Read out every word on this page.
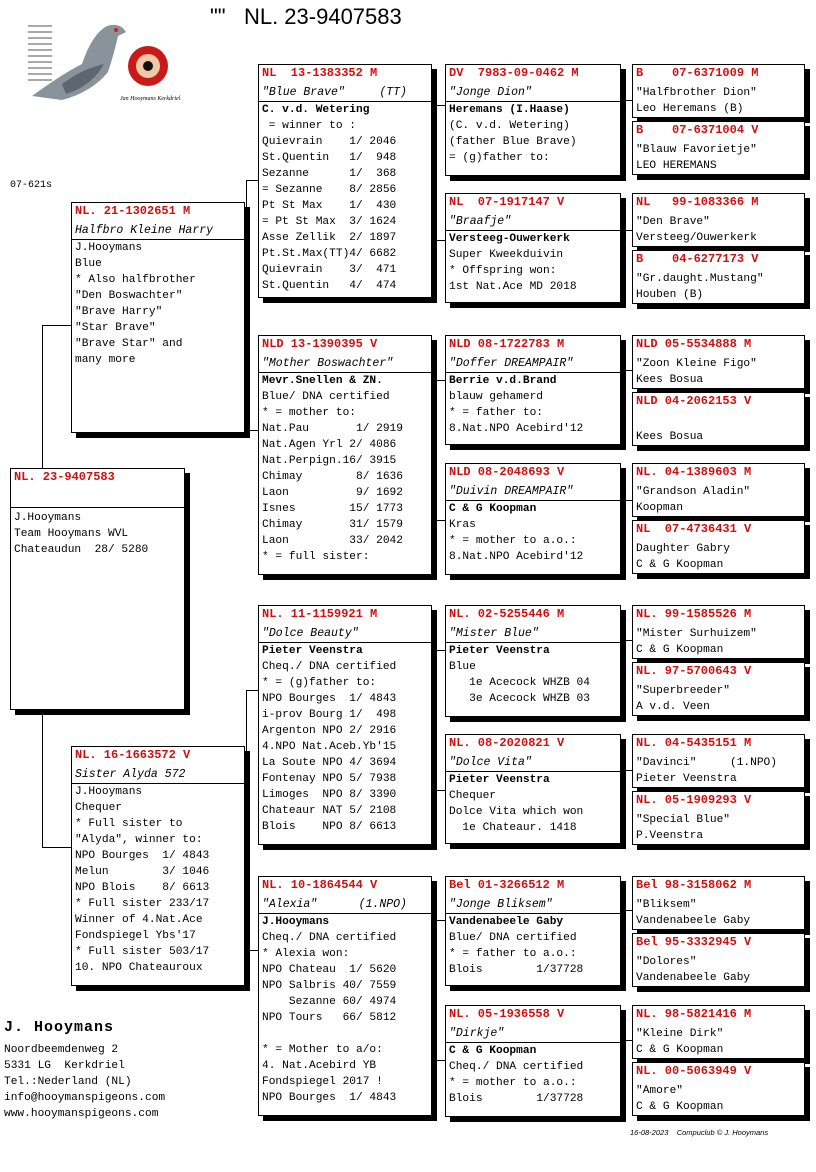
""   NL. 23-9407583
07-621s
Jan Hooymans Kerkdriel
NL. 23-9407583
J.Hooymans
Team Hooymans WVL
Chateaudun  28/ 5280
NL. 21-1302651 M
Halfbro Kleine Harry
J.Hooymans
Blue
* Also halfbrother
"Den Boswachter"
"Brave Harry"
"Star Brave"
"Brave Star" and
many more
NL. 16-1663572 V
Sister Alyda 572
J.Hooymans
Chequer
* Full sister to
"Alyda", winner to:
NPO Bourges  1/ 4843
Melun        3/ 1046
NPO Blois    8/ 6613
* Full sister 233/17
Winner of 4.Nat.Ace
Fondspiegel Ybs'17
* Full sister 503/17
10. NPO Chateauroux
NL  13-1383352 M
"Blue Brave"     (TT)
C. v.d. Wetering
= winner to :
Quievrain    1/ 2046
St.Quentin   1/  948
Sezanne      1/  368
= Sezanne    8/ 2856
Pt St Max    1/  430
= Pt St Max  3/ 1624
Asse Zellik  2/ 1897
Pt.St.Max(TT)4/ 6682
Quievrain    3/  471
St.Quentin   4/  474
NLD 13-1390395 V
"Mother Boswachter"
Mevr.Snellen & ZN.
Blue/ DNA certified
* = mother to:
Nat.Pau       1/ 2919
Nat.Agen Yrl 2/ 4086
Nat.Perpign.16/ 3915
Chimay        8/ 1636
Laon          9/ 1692
Isnes        15/ 1773
Chimay       31/ 1579
Laon         33/ 2042
* = full sister:
NL. 11-1159921 M
"Dolce Beauty"
Pieter Veenstra
Cheq./ DNA certified
* = (g)father to:
NPO Bourges  1/ 4843
i-prov Bourg 1/  498
Argenton NPO 2/ 2916
4.NPO Nat.Aceb.Yb'15
La Soute NPO 4/ 3694
Fontenay NPO 5/ 7938
Limoges  NPO 8/ 3390
Chateaur NAT 5/ 2108
Blois    NPO 8/ 6613
NL. 10-1864544 V
"Alexia"      (1.NPO)
J.Hooymans
Cheq./ DNA certified
* Alexia won:
NPO Chateau  1/ 5620
NPO Salbris 40/ 7559
Sezanne 60/ 4974
NPO Tours   66/ 5812
* = Mother to a/o:
4. Nat.Acebird YB
Fondspiegel 2017 !
NPO Bourges  1/ 4843
DV  7983-09-0462 M
"Jonge Dion"
Heremans (I.Haase)
(C. v.d. Wetering)
(father Blue Brave)
= (g)father to:
NL  07-1917147 V
"Braafje"
Versteeg-Ouwerkerk
Super Kweekduivin
* Offspring won:
1st Nat.Ace MD 2018
NLD 08-1722783 M
"Doffer DREAMPAIR"
Berrie v.d.Brand
blauw gehamerd
* = father to:
8.Nat.NPO Acebird'12
NLD 08-2048693 V
"Duivin DREAMPAIR"
C & G Koopman
Kras
* = mother to a.o.:
8.Nat.NPO Acebird'12
NL. 02-5255446 M
"Mister Blue"
Pieter Veenstra
Blue
1e Acecock WHZB 04
3e Acecock WHZB 03
NL. 08-2020821 V
"Dolce Vita"
Pieter Veenstra
Chequer
Dolce Vita which won
1e Chateaur. 1418
Bel 01-3266512 M
"Jonge Bliksem"
Vandenabeele Gaby
Blue/ DNA certified
* = father to a.o.:
Blois        1/37728
NL. 05-1936558 V
"Dirkje"
C & G Koopman
Cheq./ DNA certified
* = mother to a.o.:
Blois        1/37728
B    07-6371009 M
"Halfbrother Dion"
Leo Heremans (B)
B    07-6371004 V
"Blauw Favorietje"
LEO HEREMANS
NL   99-1083366 M
"Den Brave"
Versteeg/Ouwerkerk
B    04-6277173 V
"Gr.daught.Mustang"
Houben (B)
NLD 05-5534888 M
"Zoon Kleine Figo"
Kees Bosua
NLD 04-2062153 V
Kees Bosua
NL. 04-1389603 M
"Grandson Aladin"
Koopman
NL  07-4736431 V
Daughter Gabry
C & G Koopman
NL. 99-1585526 M
"Mister Surhuizem"
C & G Koopman
NL. 97-5700643 V
"Superbreeder"
A v.d. Veen
NL. 04-5435151 M
"Davinci"     (1.NPO)
Pieter Veenstra
NL. 05-1909293 V
"Special Blue"
P.Veenstra
Bel 98-3158062 M
"Bliksem"
Vandenabeele Gaby
Bel 95-3332945 V
"Dolores"
Vandenabeele Gaby
NL. 98-5821416 M
"Kleine Dirk"
C & G Koopman
NL. 00-5063949 V
"Amore"
C & G Koopman
J. Hooymans
Noordbeemdenweg 2
5331 LG  Kerkdriel
Tel.:Nederland (NL)
info@hooymanspigeons.com
www.hooymanspigeons.com
16-08-2023    Compuclub © J. Hooymans
